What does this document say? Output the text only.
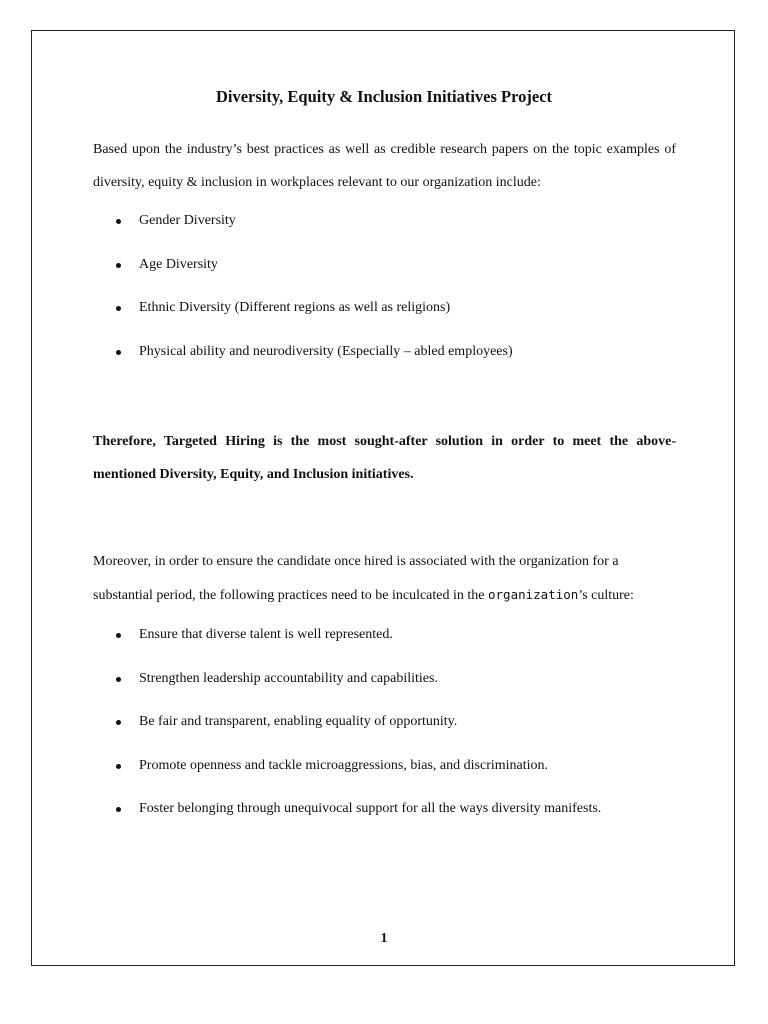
Diversity, Equity & Inclusion Initiatives Project
Based upon the industry’s best practices as well as credible research papers on the topic examples of diversity, equity & inclusion in workplaces relevant to our organization include:
Gender Diversity
Age Diversity
Ethnic Diversity (Different regions as well as religions)
Physical ability and neurodiversity (Especially – abled employees)
Therefore, Targeted Hiring is the most sought-after solution in order to meet the above-mentioned Diversity, Equity, and Inclusion initiatives.
Moreover, in order to ensure the candidate once hired is associated with the organization for a substantial period, the following practices need to be inculcated in the organization’s culture:
Ensure that diverse talent is well represented.
Strengthen leadership accountability and capabilities.
Be fair and transparent, enabling equality of opportunity.
Promote openness and tackle microaggressions, bias, and discrimination.
Foster belonging through unequivocal support for all the ways diversity manifests.
1
